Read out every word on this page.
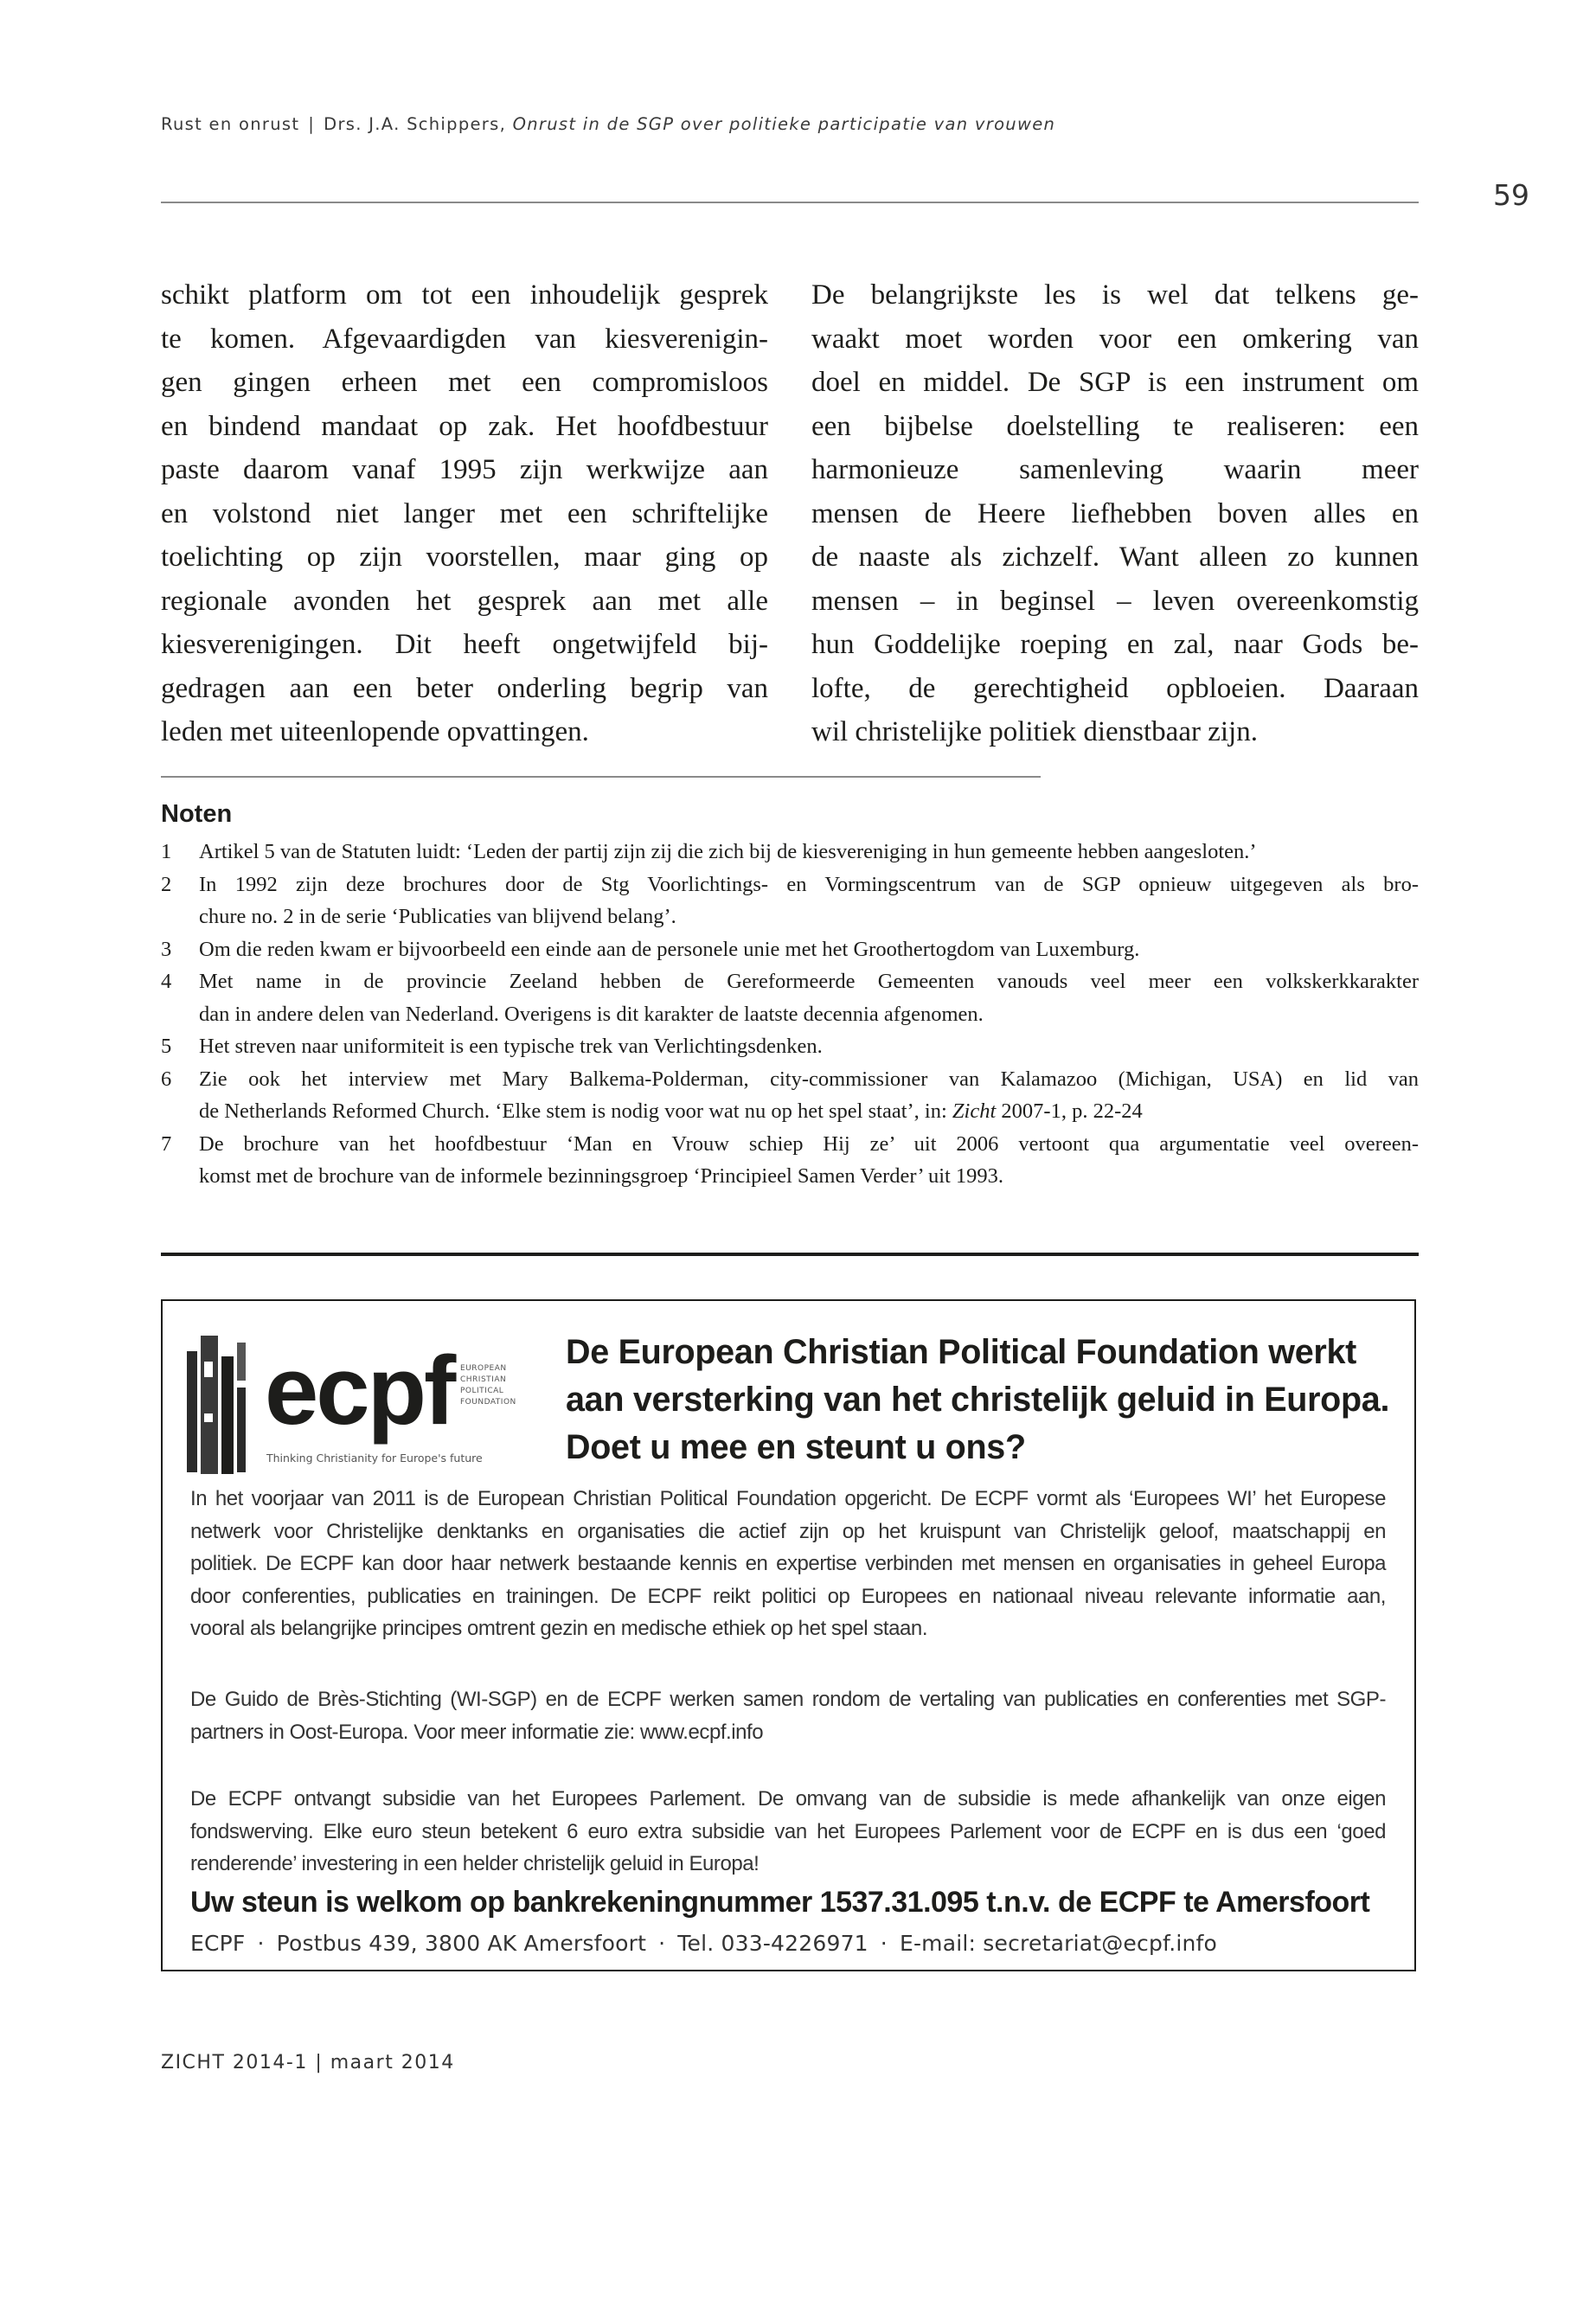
Rust en onrust | Drs. J.A. Schippers, Onrust in de SGP over politieke participatie van vrouwen
59
schikt platform om tot een inhoudelijk gesprek
te komen. Afgevaardigden van kiesverenigin-
gen gingen erheen met een compromisloos
en bindend mandaat op zak. Het hoofdbestuur
paste daarom vanaf 1995 zijn werkwijze aan
en volstond niet langer met een schriftelijke
toelichting op zijn voorstellen, maar ging op
regionale avonden het gesprek aan met alle
kiesverenigingen. Dit heeft ongetwijfeld bij-
gedragen aan een beter onderling begrip van
leden met uiteenlopende opvattingen.
De belangrijkste les is wel dat telkens ge-
waakt moet worden voor een omkering van
doel en middel. De SGP is een instrument om
een bijbelse doelstelling te realiseren: een
harmonieuze samenleving waarin meer
mensen de Heere liefhebben boven alles en
de naaste als zichzelf. Want alleen zo kunnen
mensen – in beginsel – leven overeenkomstig
hun Goddelijke roeping en zal, naar Gods be-
lofte, de gerechtigheid opbloeien. Daaraan
wil christelijke politiek dienstbaar zijn.
Noten
1	Artikel 5 van de Statuten luidt: ‘Leden der partij zijn zij die zich bij de kiesvereniging in hun gemeente hebben aangesloten.’
2	In 1992 zijn deze brochures door de Stg Voorlichtings- en Vormingscentrum van de SGP opnieuw uitgegeven als bro-
chure no. 2 in de serie ‘Publicaties van blijvend belang’.
3	Om die reden kwam er bijvoorbeeld een einde aan de personele unie met het Groothertogdom van Luxemburg.
4	Met name in de provincie Zeeland hebben de Gereformeerde Gemeenten vanouds veel meer een volkskerkkarakter
dan in andere delen van Nederland. Overigens is dit karakter de laatste decennia afgenomen.
5	Het streven naar uniformiteit is een typische trek van Verlichtingsdenken.
6	Zie ook het interview met Mary Balkema-Polderman, city-commissioner van Kalamazoo (Michigan, USA) en lid van
de Netherlands Reformed Church. ‘Elke stem is nodig voor wat nu op het spel staat’, in: Zicht 2007-1, p. 22-24
7	De brochure van het hoofdbestuur ‘Man en Vrouw schiep Hij ze’ uit 2006 vertoont qua argumentatie veel overeen-
komst met de brochure van de informele bezinningsgroep ‘Principieel Samen Verder’ uit 1993.
ecpf EUROPEAN
CHRISTIAN
POLITICAL
FOUNDATION
Thinking Christianity for Europe's future
De European Christian Political Foundation werkt
aan versterking van het christelijk geluid in Europa.
Doet u mee en steunt u ons?
In het voorjaar van 2011 is de European Christian Political Foundation opgericht. De ECPF vormt als ‘Europees WI’ het Europese
netwerk voor Christelijke denktanks en organisaties die actief zijn op het kruispunt van Christelijk geloof, maatschappij en
politiek. De ECPF kan door haar netwerk bestaande kennis en expertise verbinden met mensen en organisaties in geheel Europa
door conferenties, publicaties en trainingen. De ECPF reikt politici op Europees en nationaal niveau relevante informatie aan,
vooral als belangrijke principes omtrent gezin en medische ethiek op het spel staan.
De Guido de Brès-Stichting (WI-SGP) en de ECPF werken samen rondom de vertaling van publicaties en conferenties met SGP-
partners in Oost-Europa. Voor meer informatie zie: www.ecpf.info
De ECPF ontvangt subsidie van het Europees Parlement. De omvang van de subsidie is mede afhankelijk van onze eigen
fondswerving. Elke euro steun betekent 6 euro extra subsidie van het Europees Parlement voor de ECPF en is dus een ‘goed
renderende’ investering in een helder christelijk geluid in Europa!
Uw steun is welkom op bankrekeningnummer 1537.31.095 t.n.v. de ECPF te Amersfoort
ECPF · Postbus 439, 3800 AK Amersfoort · Tel. 033-4226971 · E-mail: secretariat@ecpf.info
ZICHT 2014-1 | maart 2014
